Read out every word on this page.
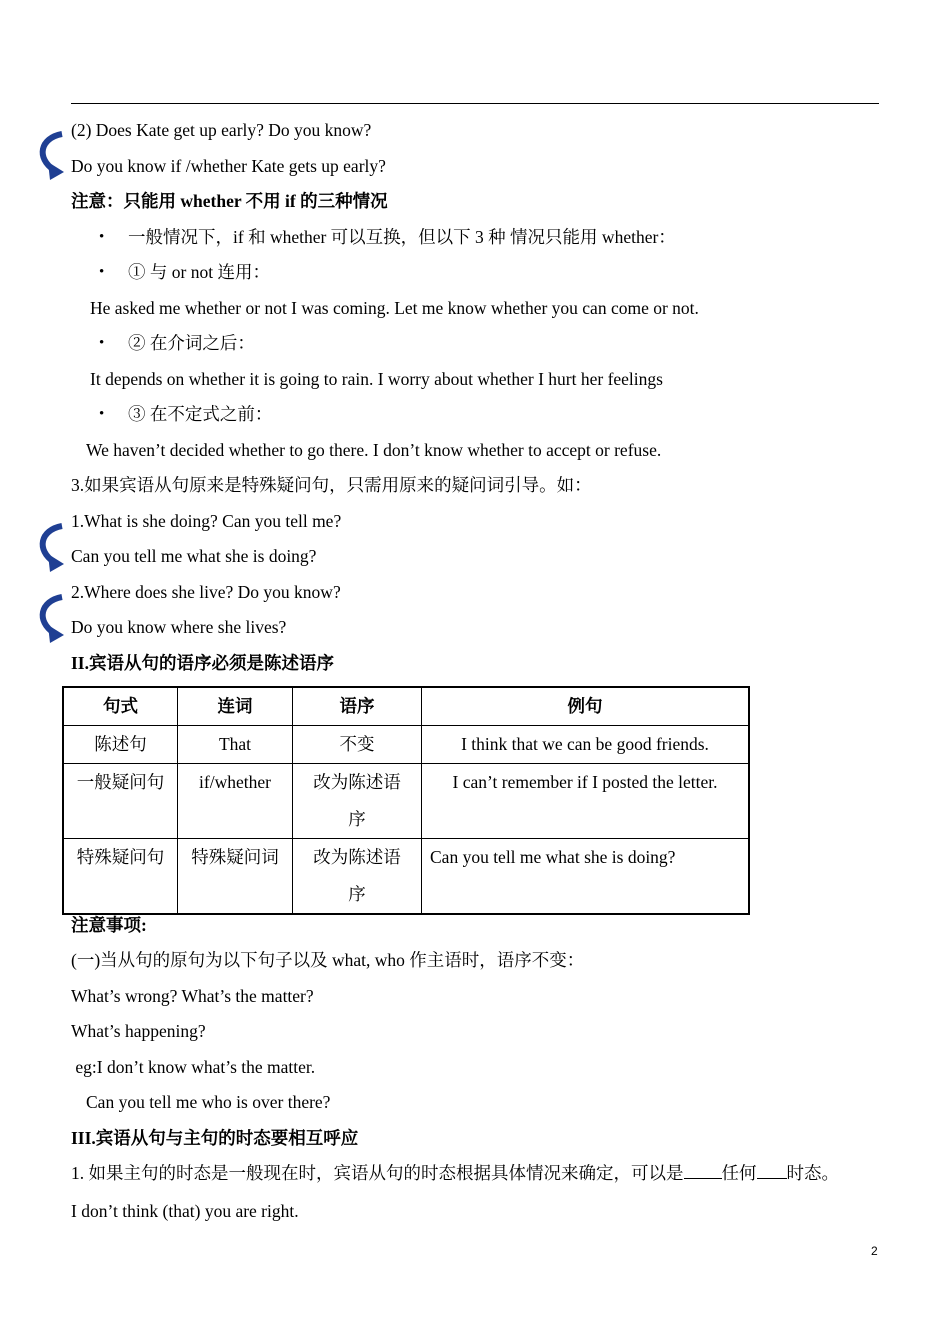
(2) Does Kate get up early? Do you know?
Do you know if /whether Kate gets up early?
注意：只能用 whether 不用 if 的三种情况
• 一般情况下，if 和 whether 可以互换，但以下 3 种 情况只能用 whether：
• ① 与 or not 连用：
He asked me whether or not I was coming. Let me know whether you can come or not.
• ② 在介词之后：
It depends on whether it is going to rain. I worry about whether I hurt her feelings
• ③ 在不定式之前：
We haven’t decided whether to go there. I don’t know whether to accept or refuse.
3.如果宾语从句原来是特殊疑问句，只需用原来的疑问词引导。如：
1.What is she doing? Can you tell me?
Can you tell me what she is doing?
2.Where does she live? Do you know?
Do you know where she lives?
II.宾语从句的语序必须是陈述语序
句式	连词	语序	例句
陈述句	That	不变	I think that we can be good friends.
一般疑问句	if/whether	改为陈述语序	I can’t remember if I posted the letter.
特殊疑问句	特殊疑问词	改为陈述语序	Can you tell me what she is doing?
注意事项:
(一)当从句的原句为以下句子以及 what, who 作主语时，语序不变：
What’s wrong? What’s the matter?
What’s happening?
eg:I don’t know what’s the matter.
Can you tell me who is over there?
III.宾语从句与主句的时态要相互呼应
1. 如果主句的时态是一般现在时，宾语从句的时态根据具体情况来确定，可以是 任何 时态。
I don’t think (that) you are right.
2
